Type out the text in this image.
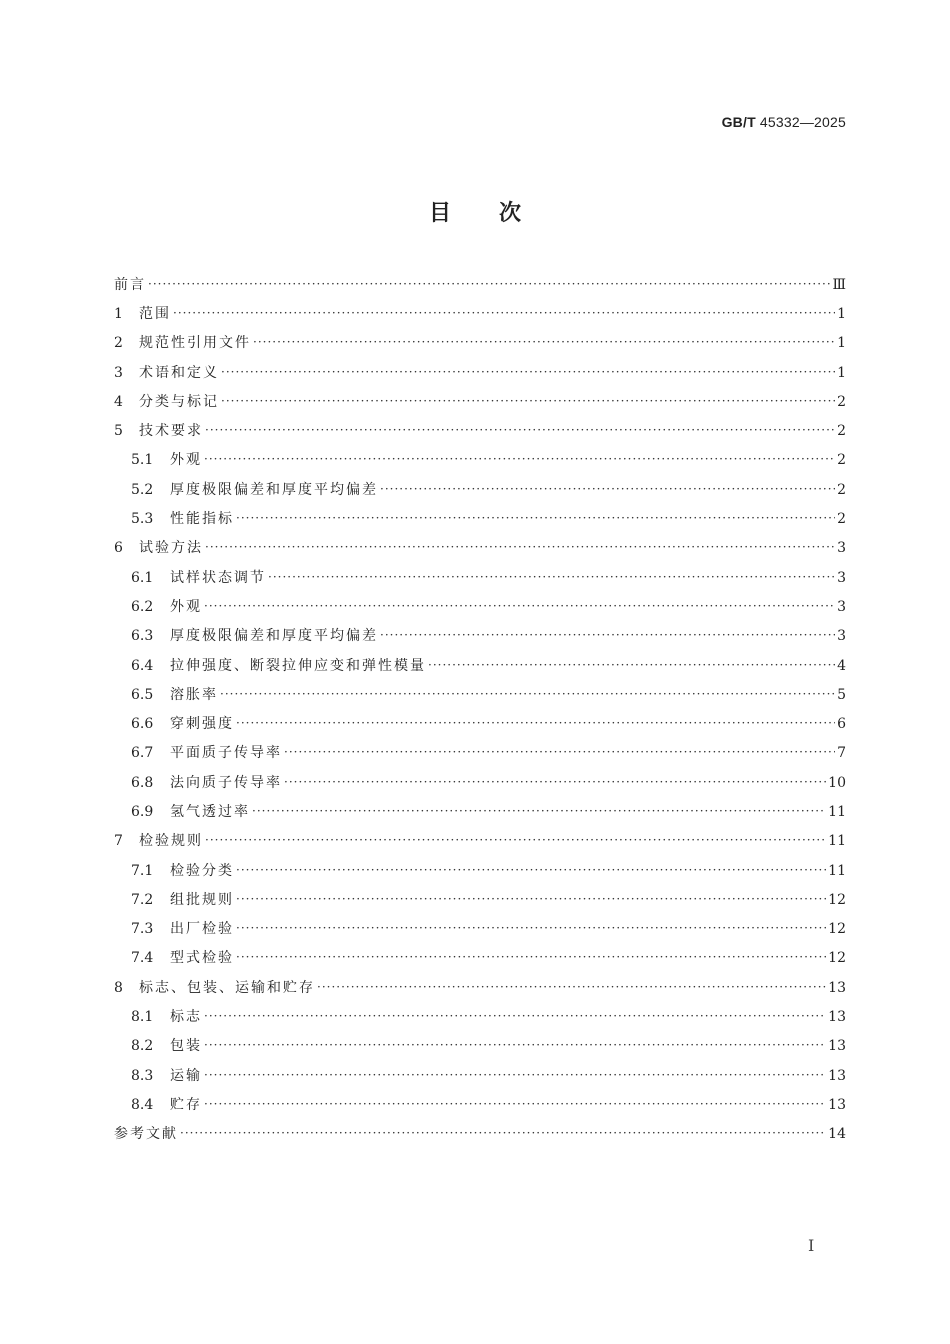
GB/T 45332—2025
目次
前言 ·····	Ⅲ
1	范围 ·····	1
2	规范性引用文件 ·····	1
3	术语和定义 ·····	1
4	分类与标记 ·····	2
5	技术要求 ·····	2
5.1	外观 ·····	2
5.2	厚度极限偏差和厚度平均偏差 ·····	2
5.3	性能指标 ·····	2
6	试验方法 ·····	3
6.1	试样状态调节 ·····	3
6.2	外观 ·····	3
6.3	厚度极限偏差和厚度平均偏差 ·····	3
6.4	拉伸强度、断裂拉伸应变和弹性模量 ·····	4
6.5	溶胀率 ·····	5
6.6	穿刺强度 ·····	6
6.7	平面质子传导率 ·····	7
6.8	法向质子传导率 ·····	10
6.9	氢气透过率 ·····	11
7	检验规则 ·····	11
7.1	检验分类 ·····	11
7.2	组批规则 ·····	12
7.3	出厂检验 ·····	12
7.4	型式检验 ·····	12
8	标志、包装、运输和贮存 ·····	13
8.1	标志 ·····	13
8.2	包装 ·····	13
8.3	运输 ·····	13
8.4	贮存 ·····	13
参考文献 ·····	14
I
